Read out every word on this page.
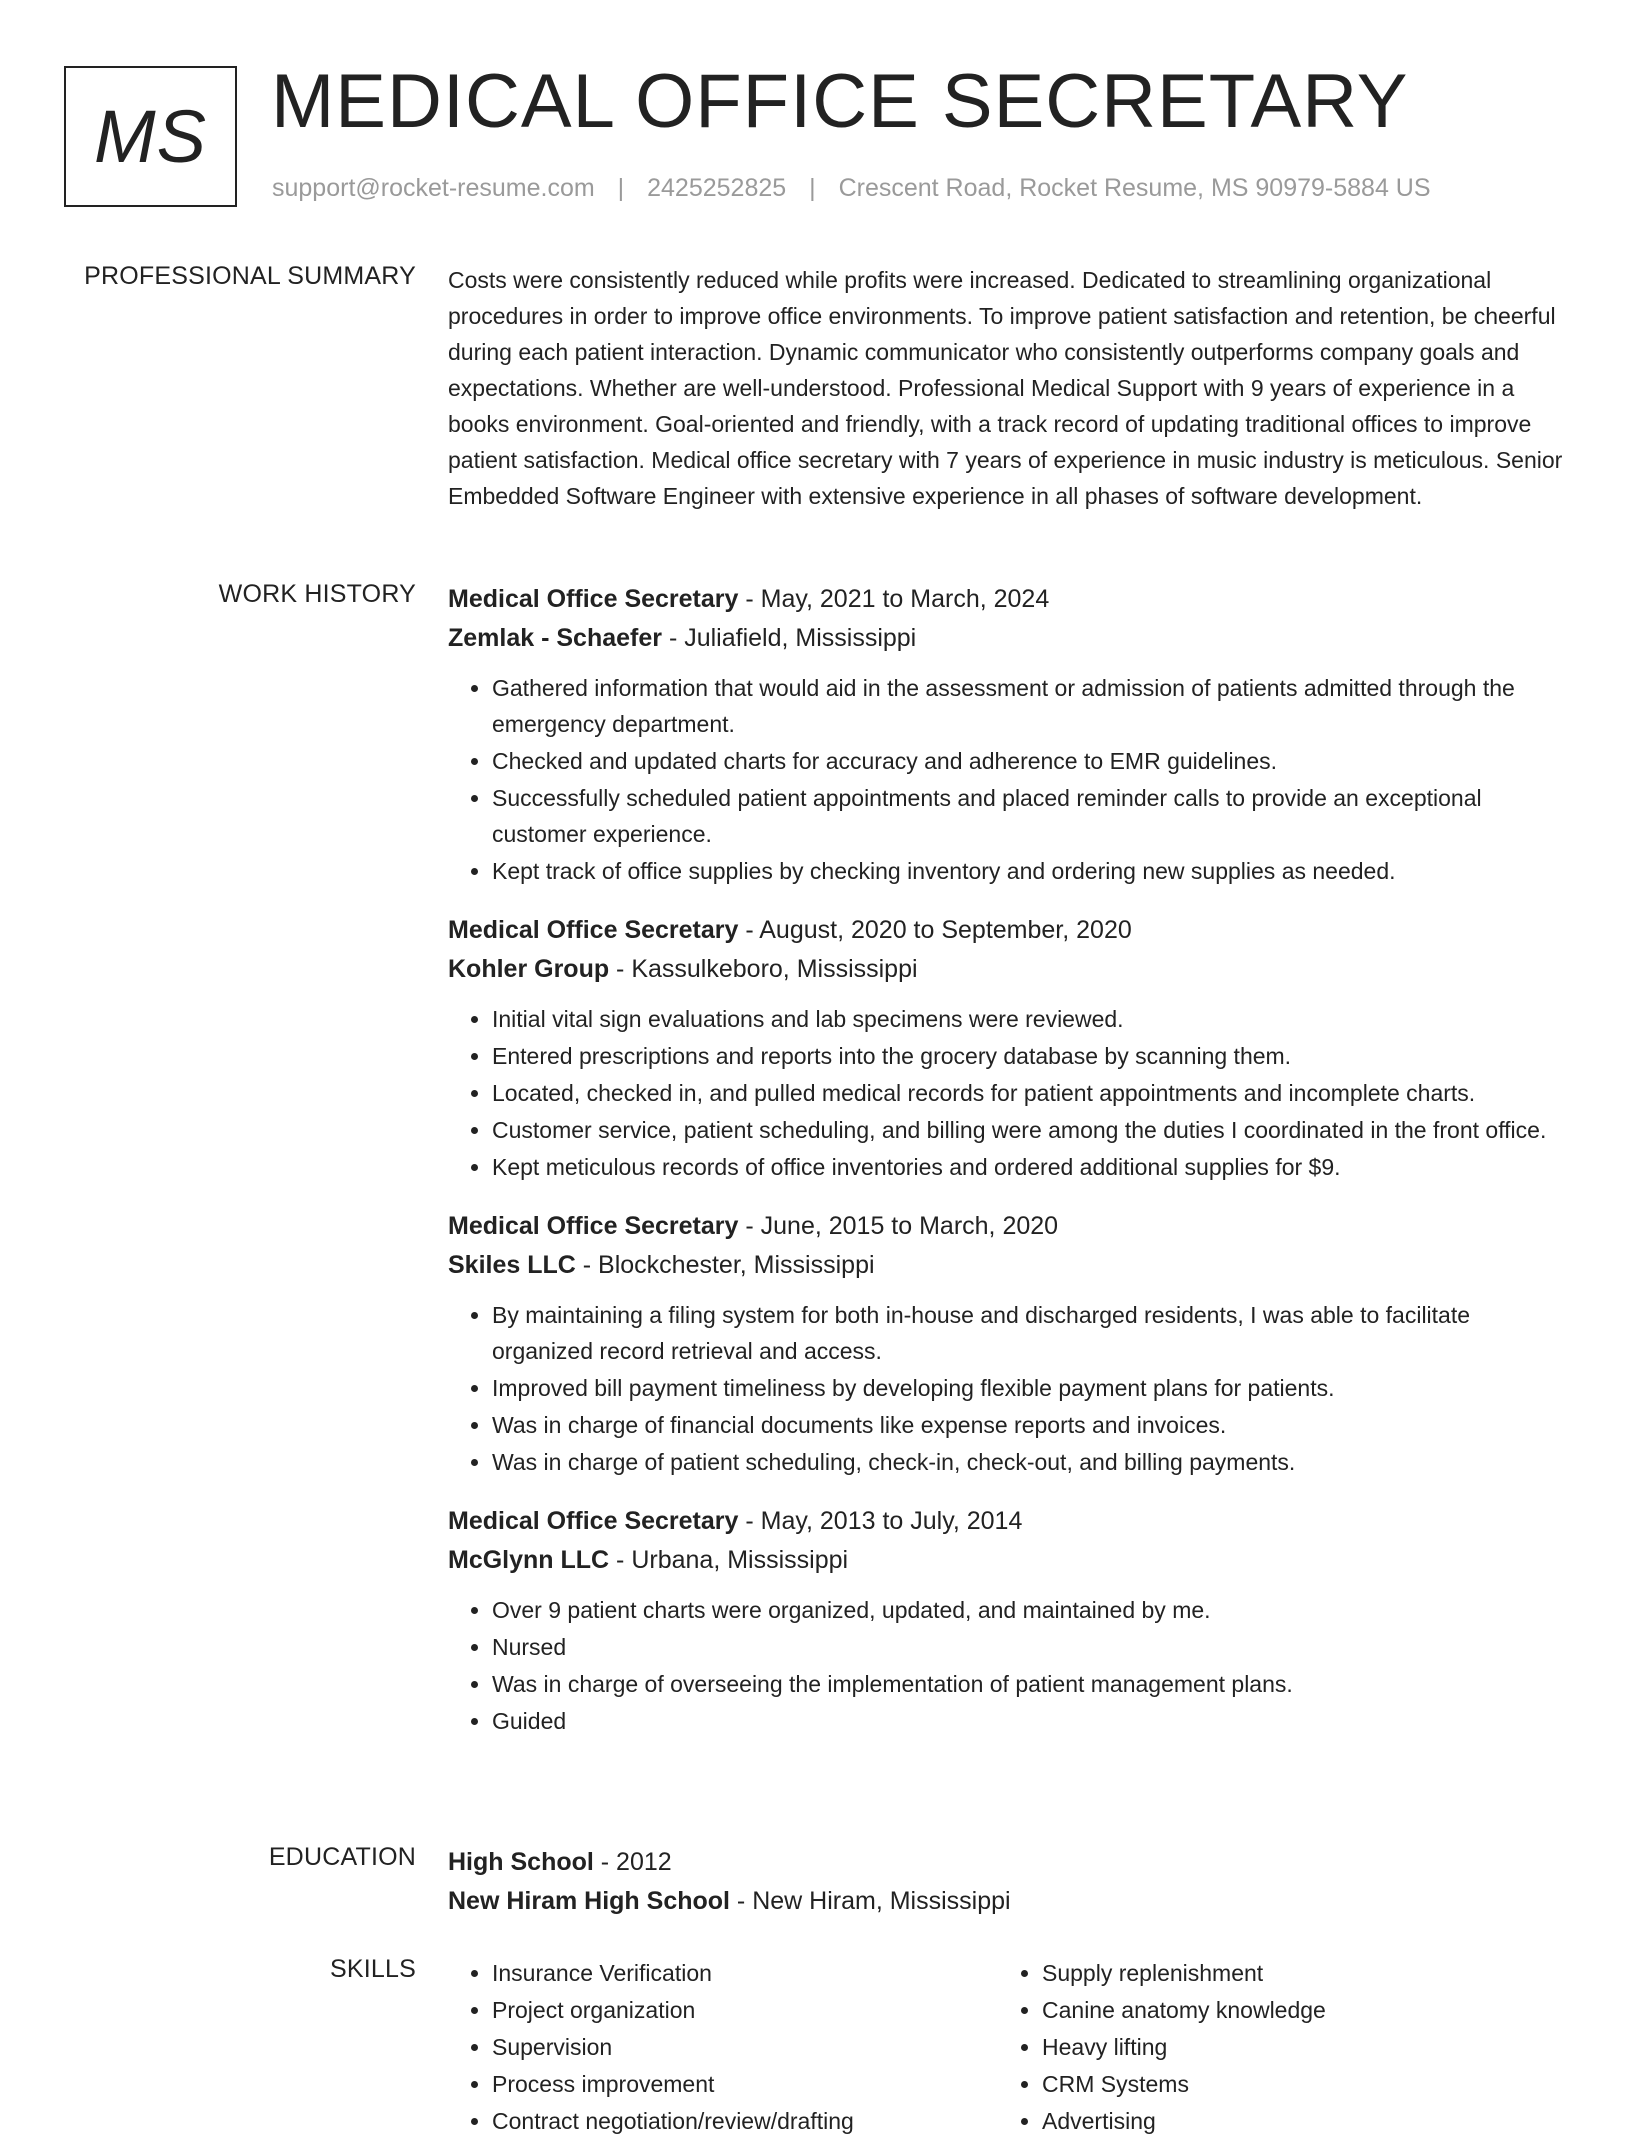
MS MEDICAL OFFICE SECRETARY
support@rocket-resume.com | 2425252825 | Crescent Road, Rocket Resume, MS 90979-5884 US
PROFESSIONAL SUMMARY Costs were consistently reduced while profits were increased. Dedicated to streamlining organizational procedures in order to improve office environments. To improve patient satisfaction and retention, be cheerful during each patient interaction. Dynamic communicator who consistently outperforms company goals and expectations. Whether are well-understood. Professional Medical Support with 9 years of experience in a books environment. Goal-oriented and friendly, with a track record of updating traditional offices to improve patient satisfaction. Medical office secretary with 7 years of experience in music industry is meticulous. Senior Embedded Software Engineer with extensive experience in all phases of software development.

WORK HISTORY Medical Office Secretary - May, 2021 to March, 2024
Zemlak - Schaefer - Juliafield, Mississippi
• Gathered information that would aid in the assessment or admission of patients admitted through the emergency department.
• Checked and updated charts for accuracy and adherence to EMR guidelines.
• Successfully scheduled patient appointments and placed reminder calls to provide an exceptional customer experience.
• Kept track of office supplies by checking inventory and ordering new supplies as needed.
Medical Office Secretary - August, 2020 to September, 2020
Kohler Group - Kassulkeboro, Mississippi
• Initial vital sign evaluations and lab specimens were reviewed.
• Entered prescriptions and reports into the grocery database by scanning them.
• Located, checked in, and pulled medical records for patient appointments and incomplete charts.
• Customer service, patient scheduling, and billing were among the duties I coordinated in the front office.
• Kept meticulous records of office inventories and ordered additional supplies for $9.
Medical Office Secretary - June, 2015 to March, 2020
Skiles LLC - Blockchester, Mississippi
• By maintaining a filing system for both in-house and discharged residents, I was able to facilitate organized record retrieval and access.
• Improved bill payment timeliness by developing flexible payment plans for patients.
• Was in charge of financial documents like expense reports and invoices.
• Was in charge of patient scheduling, check-in, check-out, and billing payments.
Medical Office Secretary - May, 2013 to July, 2014
McGlynn LLC - Urbana, Mississippi
• Over 9 patient charts were organized, updated, and maintained by me.
• Nursed
• Was in charge of overseeing the implementation of patient management plans.
• Guided
EDUCATION High School - 2012
New Hiram High School - New Hiram, Mississippi
SKILLS
•	Insurance Verification
• Project organization
• Supervision
• Process improvement
• Contract negotiation/review/drafting
• Supply replenishment
• Canine anatomy knowledge
• Heavy lifting
• CRM Systems
• Advertising
